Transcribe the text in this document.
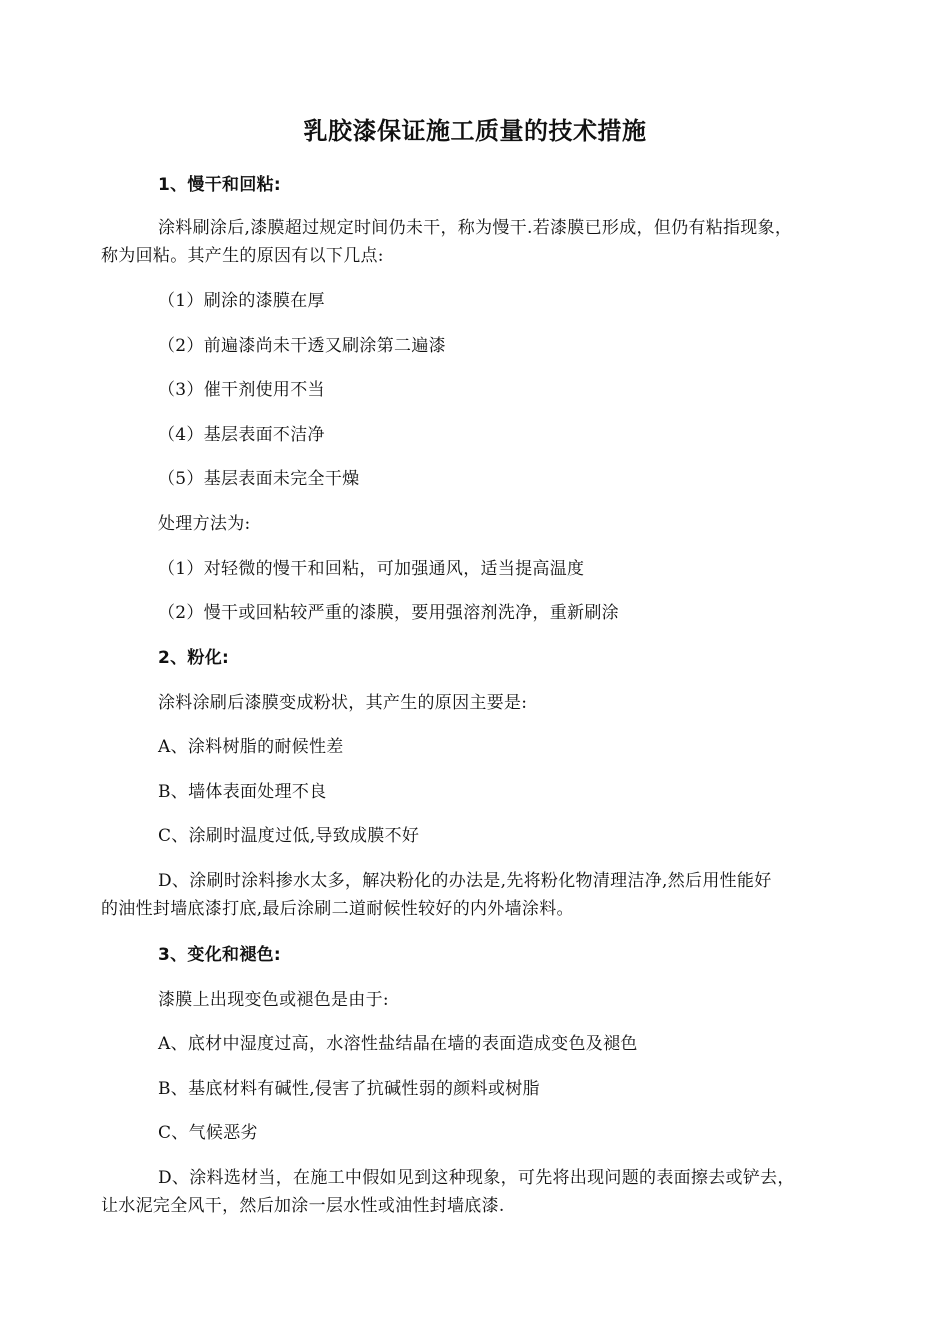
乳胶漆保证施工质量的技术措施
1、慢干和回粘:
涂料刷涂后,漆膜超过规定时间仍未干，称为慢干.若漆膜已形成，但仍有粘指现象，
称为回粘。其产生的原因有以下几点:
（1）刷涂的漆膜在厚
（2）前遍漆尚未干透又刷涂第二遍漆
（3）催干剂使用不当
（4）基层表面不洁净
（5）基层表面未完全干燥
处理方法为:
（1）对轻微的慢干和回粘，可加强通风，适当提高温度
（2）慢干或回粘较严重的漆膜，要用强溶剂洗净，重新刷涂
2、粉化:
涂料涂刷后漆膜变成粉状，其产生的原因主要是:
A、涂料树脂的耐候性差
B、墙体表面处理不良
C、涂刷时温度过低,导致成膜不好
D、涂刷时涂料掺水太多，解决粉化的办法是,先将粉化物清理洁净,然后用性能好
的油性封墙底漆打底,最后涂刷二道耐候性较好的内外墙涂料。
3、变化和褪色:
漆膜上出现变色或褪色是由于:
A、底材中湿度过高，水溶性盐结晶在墙的表面造成变色及褪色
B、基底材料有碱性,侵害了抗碱性弱的颜料或树脂
C、气候恶劣
D、涂料选材当，在施工中假如见到这种现象，可先将出现问题的表面擦去或铲去，
让水泥完全风干，然后加涂一层水性或油性封墙底漆.
